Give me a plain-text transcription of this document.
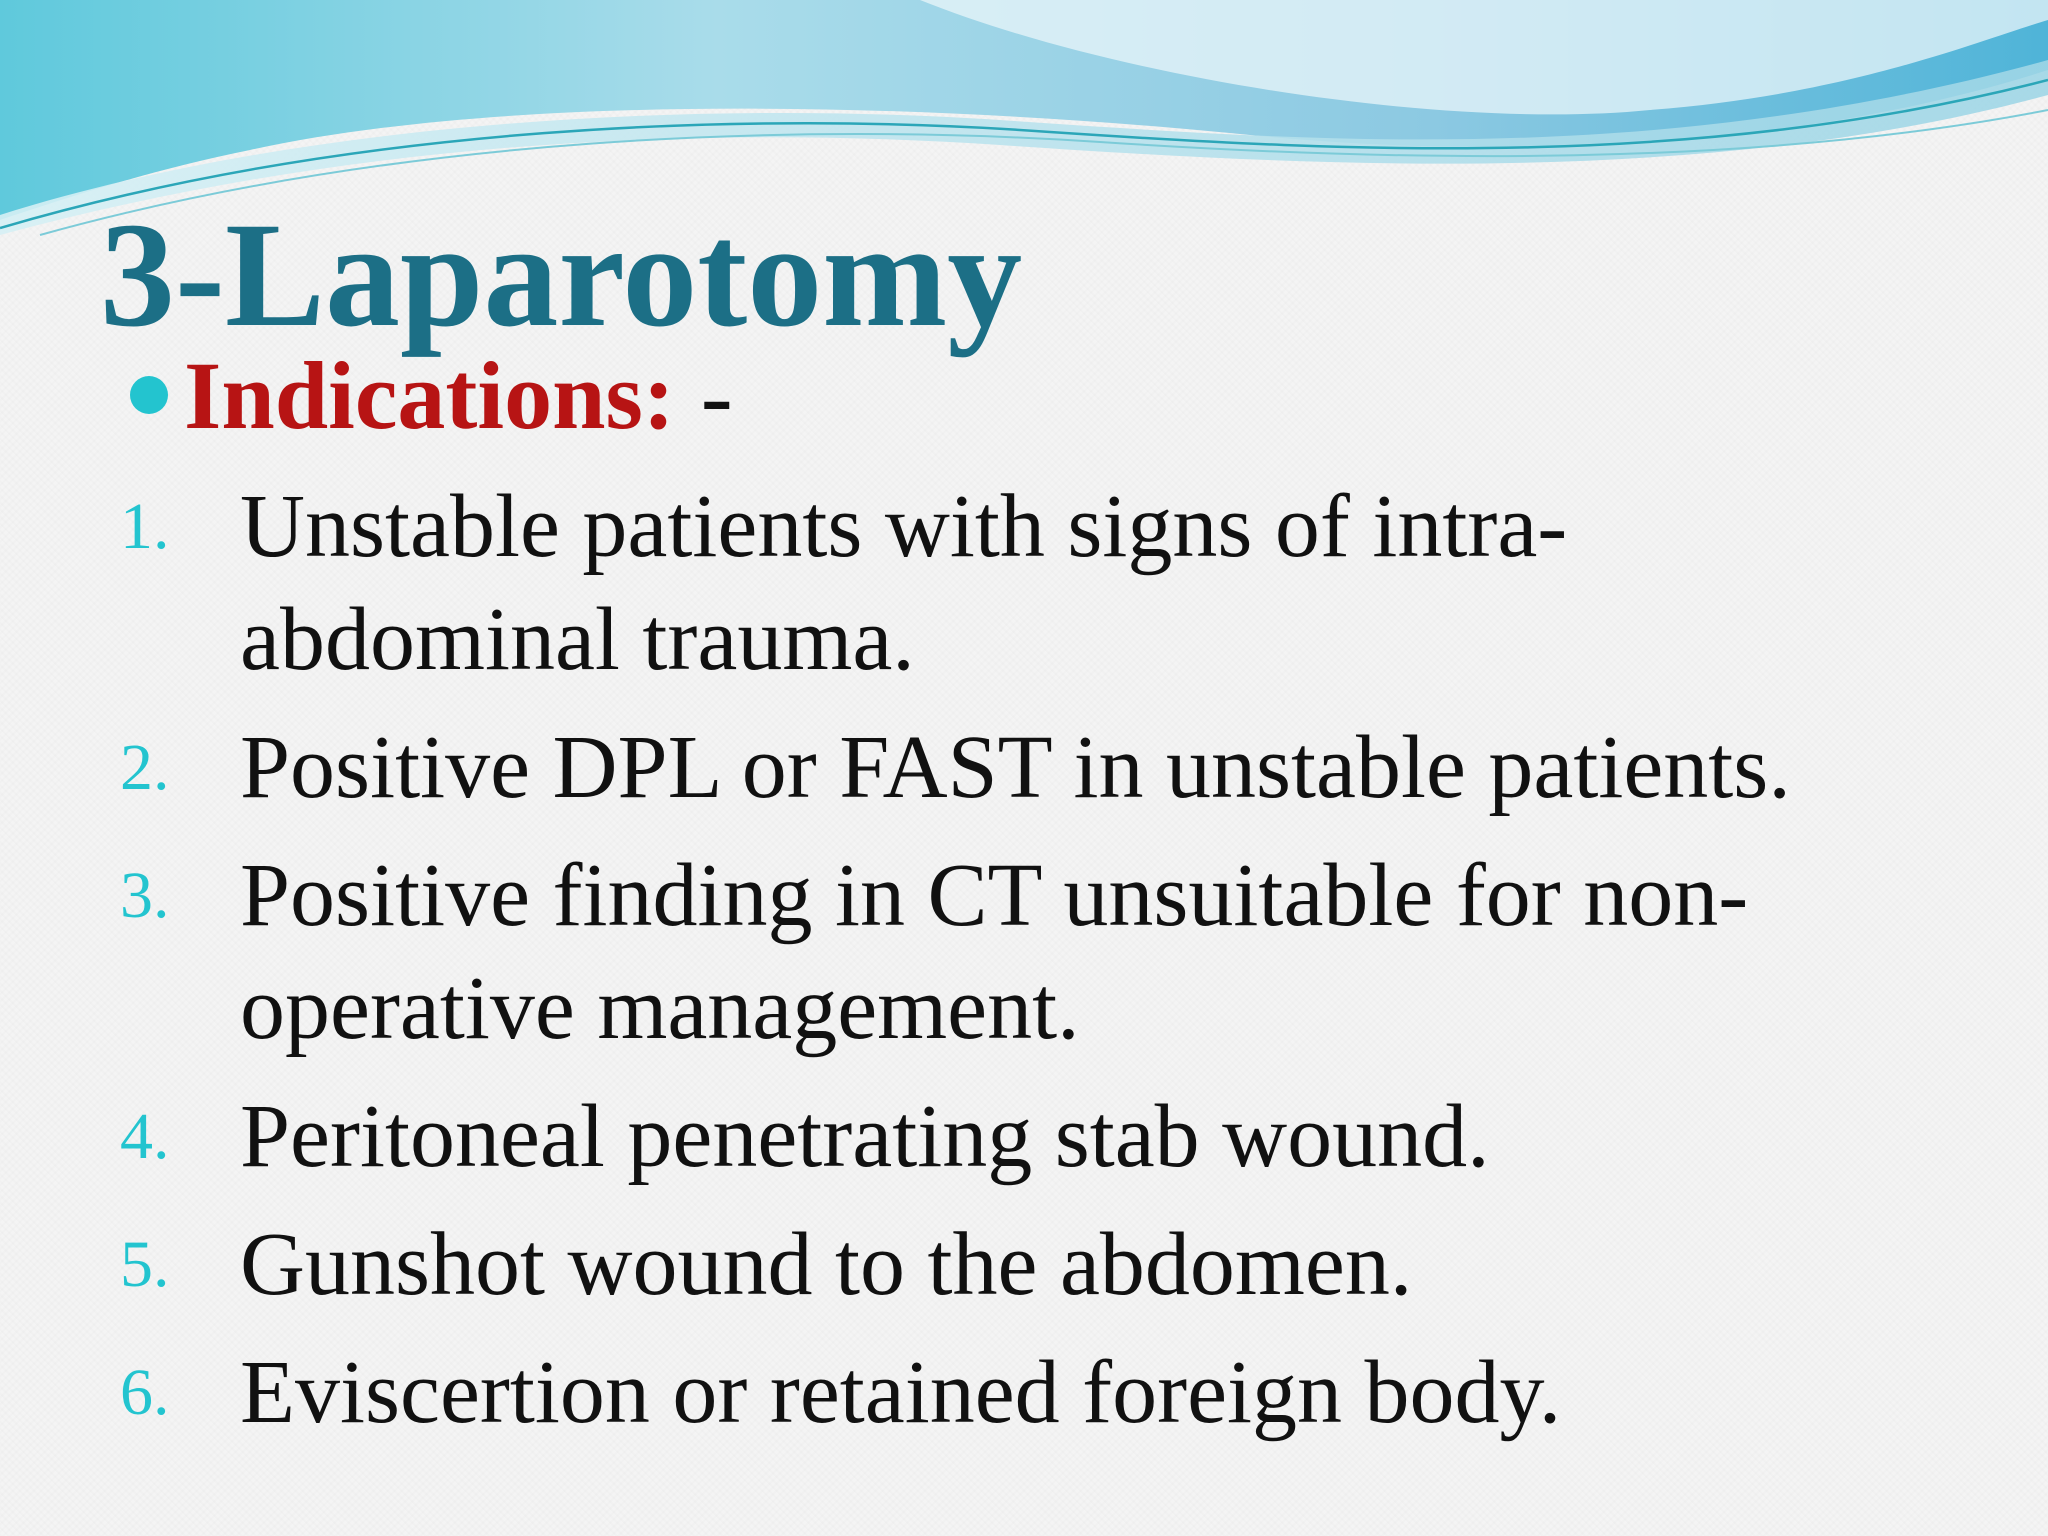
3-Laparotomy
Indications: -
1. Unstable patients with signs of intra-
abdominal trauma.
2. Positive DPL or FAST in unstable patients.
3. Positive finding in CT unsuitable for non-
operative management.
4. Peritoneal penetrating stab wound.
5. Gunshot wound to the abdomen.
6. Eviscertion or retained foreign body.
